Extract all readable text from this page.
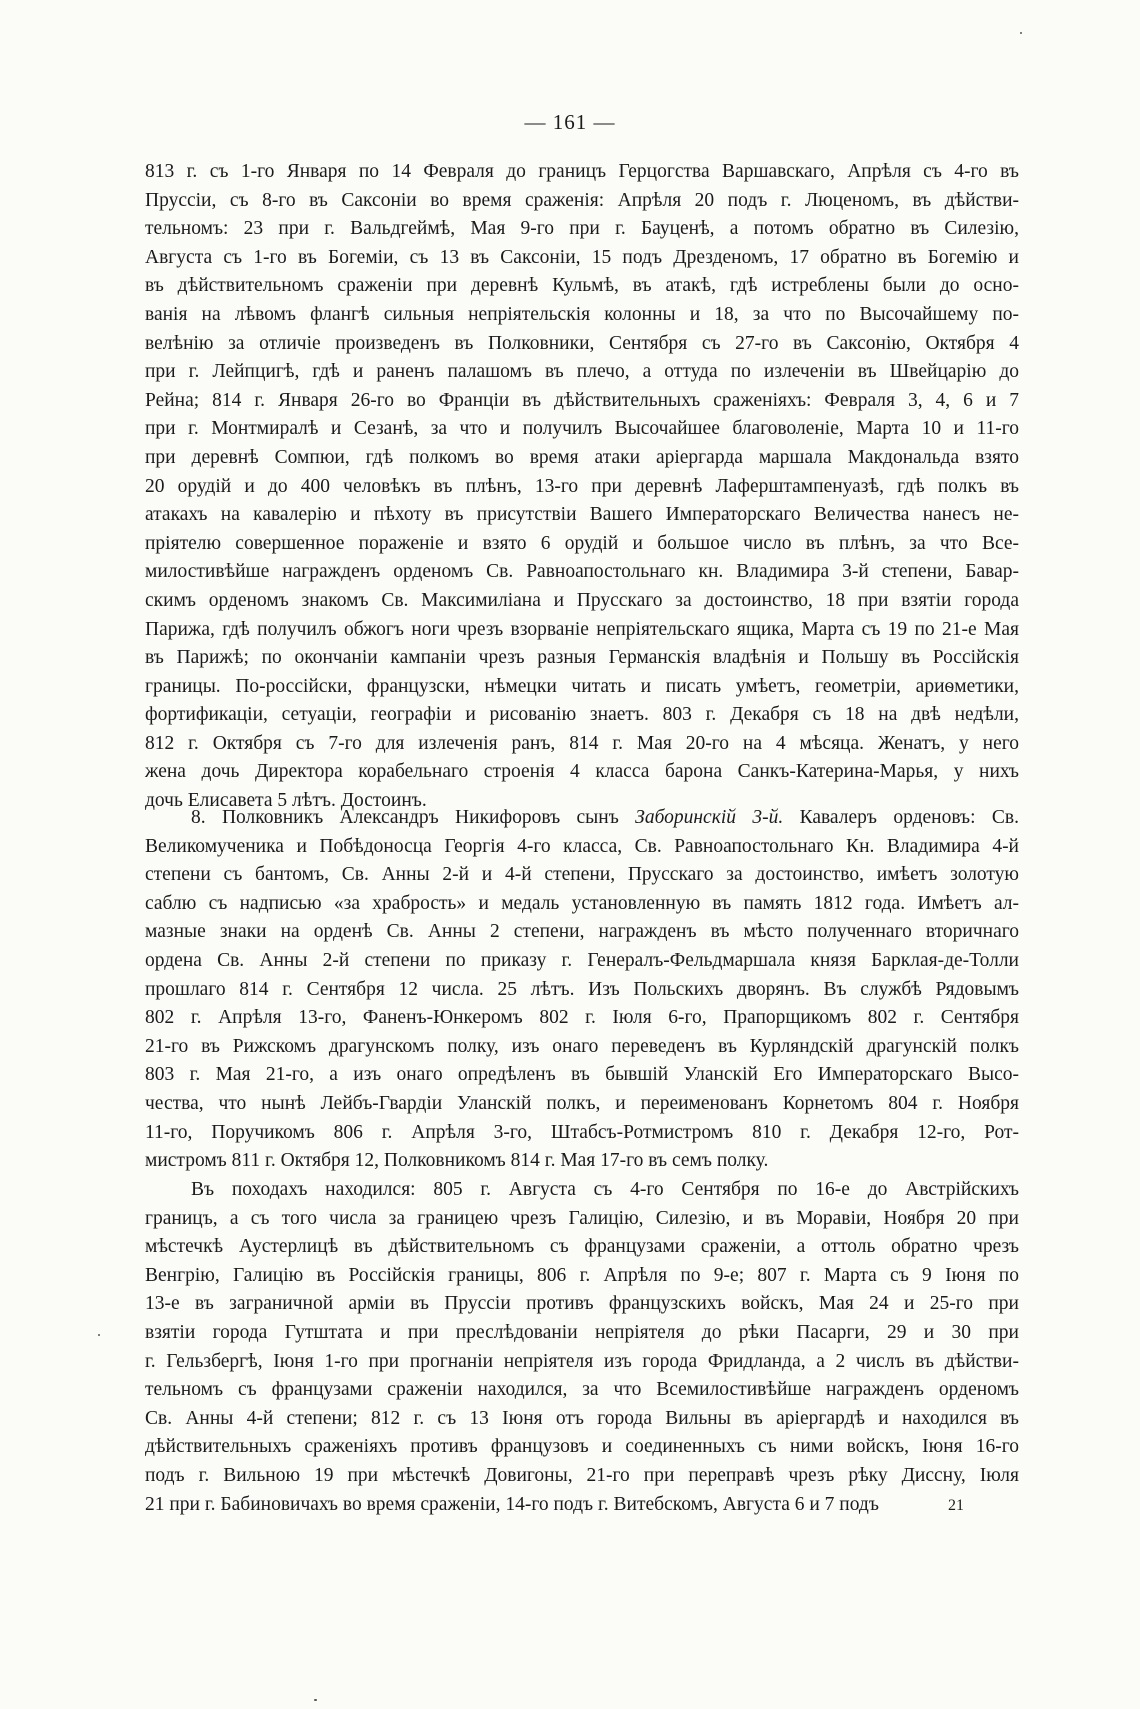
— 161 —
813 г. съ 1-го Января по 14 Февраля до границъ Герцогства Варшавскаго, Апрѣля съ 4-го въ
Пруссiи, съ 8-го въ Саксонiи во время сраженiя: Апрѣля 20 подъ г. Люценомъ, въ дѣйстви-
тельномъ: 23 при г. Вальдгеймѣ, Мая 9-го при г. Бауценѣ, а потомъ обратно въ Силезiю,
Августа съ 1-го въ Богемiи, съ 13 въ Саксонiи, 15 подъ Дрезденомъ, 17 обратно въ Богемiю и
въ дѣйствительномъ сраженiи при деревнѣ Кульмѣ, въ атакѣ, гдѣ истреблены были до осно-
ванiя на лѣвомъ флангѣ сильныя непрiятельскiя колонны и 18, за что по Высочайшему по-
велѣнiю за отличiе произведенъ въ Полковники, Сентября съ 27-го въ Саксонiю, Октября 4
при г. Лейпцигѣ, гдѣ и раненъ палашомъ въ плечо, а оттуда по излеченiи въ Швейцарiю до
Рейна; 814 г. Января 26-го во Францiи въ дѣйствительныхъ сраженiяхъ: Февраля 3, 4, 6 и 7
при г. Монтмиралѣ и Сезанѣ, за что и получилъ Высочайшее благоволенiе, Марта 10 и 11-го
при деревнѣ Сомпюи, гдѣ полкомъ во время атаки арiергарда маршала Макдональда взято
20 орудiй и до 400 человѣкъ въ плѣнъ, 13-го при деревнѣ Лаферштампенуазѣ, гдѣ полкъ въ
атакахъ на кавалерiю и пѣхоту въ присутствiи Вашего Императорскаго Величества нанесъ не-
прiятелю совершенное пораженiе и взято 6 орудiй и большое число въ плѣнъ, за что Все-
милостивѣйше награжденъ орденомъ Св. Равноапостольнаго кн. Владимира 3-й степени, Бавар-
скимъ орденомъ знакомъ Св. Максимилiана и Прусскаго за достоинство, 18 при взятiи города
Парижа, гдѣ получилъ обжогъ ноги чрезъ взорванiе непрiятельскаго ящика, Марта съ 19 по 21-е Мая
въ Парижѣ; по окончанiи кампанiи чрезъ разныя Германскiя владѣнiя и Польшу въ Россiйскiя
границы. По-россiйски, французски, нѣмецки читать и писать умѣетъ, геометрiи, ариѳметики,
фортификацiи, сетуацiи, географiи и рисованiю знаетъ. 803 г. Декабря съ 18 на двѣ недѣли,
812 г. Октября съ 7-го для излеченiя ранъ, 814 г. Мая 20-го на 4 мѣсяца. Женатъ, у него
жена дочь Директора корабельнаго строенiя 4 класса барона Санкъ-Катерина-Марья, у нихъ
дочь Елисавета 5 лѣтъ. Достоинъ.
8. Полковникъ Александръ Никифоровъ сынъ Заборинскiй 3-й. Кавалеръ орденовъ: Св.
Великомученика и Побѣдоносца Георгiя 4-го класса, Св. Равноапостольнаго Кн. Владимира 4-й
степени съ бантомъ, Св. Анны 2-й и 4-й степени, Прусскаго за достоинство, имѣетъ золотую
саблю съ надписью «за храбрость» и медаль установленную въ память 1812 года. Имѣетъ ал-
мазные знаки на орденѣ Св. Анны 2 степени, награжденъ въ мѣсто полученнаго вторичнаго
ордена Св. Анны 2-й степени по приказу г. Генералъ-Фельдмаршала князя Барклая-де-Толли
прошлаго 814 г. Сентября 12 числа. 25 лѣтъ. Изъ Польскихъ дворянъ. Въ службѣ Рядовымъ
802 г. Апрѣля 13-го, Фаненъ-Юнкеромъ 802 г. Iюля 6-го, Прапорщикомъ 802 г. Сентября
21-го въ Рижскомъ драгунскомъ полку, изъ онаго переведенъ въ Курляндскiй драгунскiй полкъ
803 г. Мая 21-го, а изъ онаго опредѣленъ въ бывшiй Уланскiй Его Императорскаго Высо-
чества, что нынѣ Лейбъ-Гвардiи Уланскiй полкъ, и переименованъ Корнетомъ 804 г. Ноября
11-го, Поручикомъ 806 г. Апрѣля 3-го, Штабсъ-Ротмистромъ 810 г. Декабря 12-го, Рот-
мистромъ 811 г. Октября 12, Полковникомъ 814 г. Мая 17-го въ семъ полку.
Въ походахъ находился: 805 г. Августа съ 4-го Сентября по 16-е до Австрiйскихъ
границъ, а съ того числа за границею чрезъ Галицiю, Силезiю, и въ Моравiи, Ноября 20 при
мѣстечкѣ Аустерлицѣ въ дѣйствительномъ съ французами сраженiи, а оттоль обратно чрезъ
Венгрiю, Галицiю въ Россiйскiя границы, 806 г. Апрѣля по 9-е; 807 г. Марта съ 9 Iюня по
13-е въ заграничной армiи въ Пруссiи противъ французскихъ войскъ, Мая 24 и 25-го при
взятiи города Гутштата и при преслѣдованiи непрiятеля до рѣки Пасарги, 29 и 30 при
г. Гельзбергѣ, Iюня 1-го при прогнанiи непрiятеля изъ города Фридланда, а 2 числъ въ дѣйстви-
тельномъ съ французами сраженiи находился, за что Всемилостивѣйше награжденъ орденомъ
Св. Анны 4-й степени; 812 г. съ 13 Iюня отъ города Вильны въ арiергардѣ и находился въ
дѣйствительныхъ сраженiяхъ противъ французовъ и соединенныхъ съ ними войскъ, Iюня 16-го
подъ г. Вильною 19 при мѣстечкѣ Довигоны, 21-го при переправѣ чрезъ рѣку Диссну, Iюля
21 при г. Бабиновичахъ во время сраженiи, 14-го подъ г. Витебскомъ, Августа 6 и 7 подъ	21
